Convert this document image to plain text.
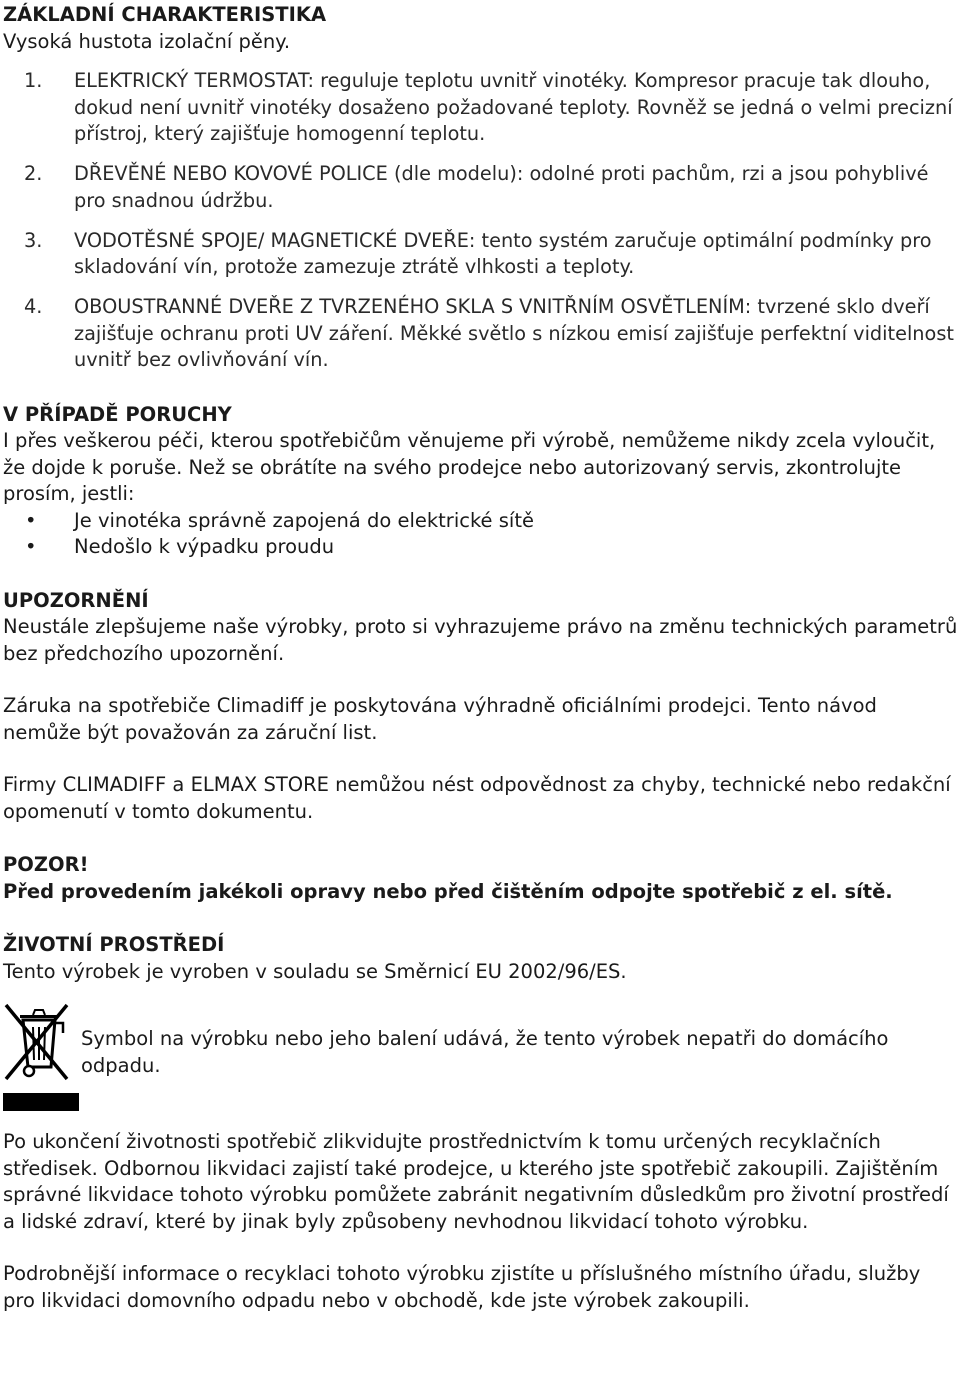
ZÁKLADNÍ CHARAKTERISTIKA

Vysoká hustota izolační pěny.

1. ELEKTRICKÝ TERMOSTAT: reguluje teplotu uvnitř vinotéky. Kompresor pracuje tak dlouho, dokud není uvnitř vinotéky dosaženo požadované teploty. Rovněž se jedná o velmi precizní přístroj, který zajišťuje homogenní teplotu.
2. DŘEVĚNÉ NEBO KOVOVÉ POLICE (dle modelu): odolné proti pachům, rzi a jsou pohyblivé pro snadnou údržbu.
3. VODOTĚSNÉ SPOJE/ MAGNETICKÉ DVEŘE: tento systém zaručuje optimální podmínky pro skladování vín, protože zamezuje ztrátě vlhkosti a teploty.
4. OBOUSTRANNÉ DVEŘE Z TVRZENÉHO SKLA S VNITŘNÍM OSVĚTLENÍM: tvrzené sklo dveří zajišťuje ochranu proti UV záření. Měkké světlo s nízkou emisí zajišťuje perfektní viditelnost uvnitř bez ovlivňování vín.
V PŘÍPADĚ PORUCHY

I přes veškerou péči, kterou spotřebičům věnujeme při výrobě, nemůžeme nikdy zcela vyloučit, že dojde k poruše. Než se obrátíte na svého prodejce nebo autorizovaný servis, zkontrolujte prosím, jestli:

• Je vinotéka správně zapojená do elektrické sítě
• Nedošlo k výpadku proudu
UPOZORNĚNÍ

Neustále zlepšujeme naše výrobky, proto si vyhrazujeme právo na změnu technických parametrů bez předchozího upozornění.

Záruka na spotřebiče Climadiff je poskytována výhradně oficiálními prodejci. Tento návod nemůže být považován za záruční list.

Firmy CLIMADIFF a ELMAX STORE nemůžou nést odpovědnost za chyby, technické nebo redakční opomenutí v tomto dokumentu.

POZOR!

Před provedením jakékoli opravy nebo před čištěním odpojte spotřebič z el. sítě.

ŽIVOTNÍ PROSTŘEDÍ

Tento výrobek je vyroben v souladu se Směrnicí EU 2002/96/ES.

Symbol na výrobku nebo jeho balení udává, že tento výrobek nepatři do domácího odpadu.

Po ukončení životnosti spotřebič zlikvidujte prostřednictvím k tomu určených recyklačních středisek. Odbornou likvidaci zajistí také prodejce, u kterého jste spotřebič zakoupili. Zajištěním správné likvidace tohoto výrobku pomůžete zabránit negativním důsledkům pro životní prostředí a lidské zdraví, které by jinak byly způsobeny nevhodnou likvidací tohoto výrobku.

Podrobnější informace o recyklaci tohoto výrobku zjistíte u příslušného místního úřadu, služby pro likvidaci domovního odpadu nebo v obchodě, kde jste výrobek zakoupili.
